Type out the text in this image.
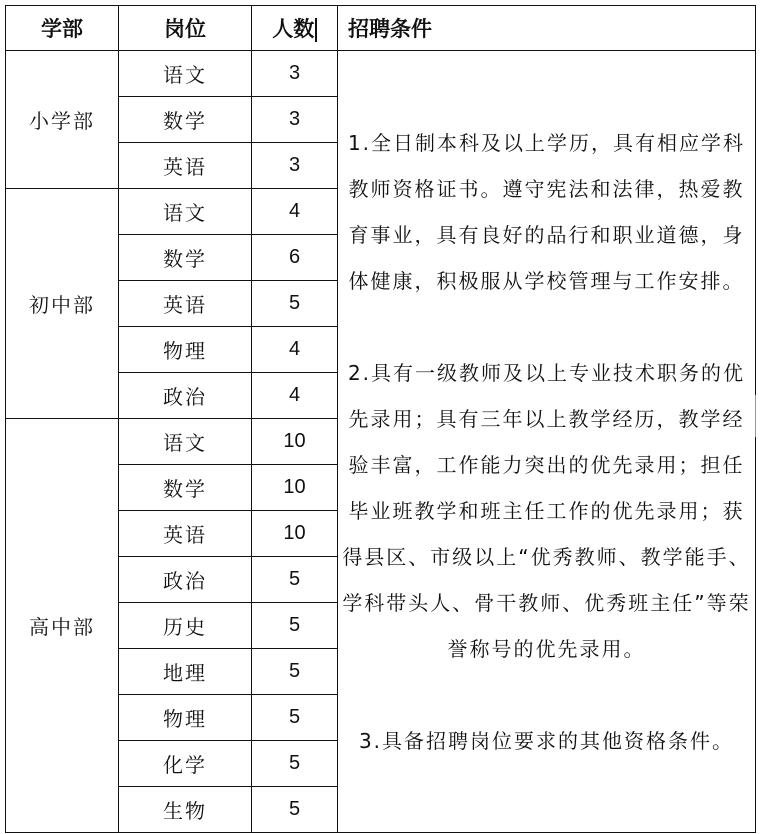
学部	岗位	人数	招聘条件
小学部	语文	3	1.全日制本科及以上学历，具有相应学科教师资格证书。遵守宪法和法律，热爱教育事业，具有良好的品行和职业道德，身体健康，积极服从学校管理与工作安排。
2.具有一级教师及以上专业技术职务的优先录用；具有三年以上教学经历，教学经验丰富，工作能力突出的优先录用；担任毕业班教学和班主任工作的优先录用；获得县区、市级以上“优秀教师、教学能手、学科带头人、骨干教师、优秀班主任”等荣誉称号的优先录用。
3.具备招聘岗位要求的其他资格条件。

	数学	3	
	英语	3	
初中部	语文	4	
	数学	6	
	英语	5	
	物理	4	
	政治	4	
高中部	语文	10	
	数学	10	
	英语	10	
	政治	5	
	历史	5	
	地理	5	
	物理	5	
	化学	5	
	生物	5	
